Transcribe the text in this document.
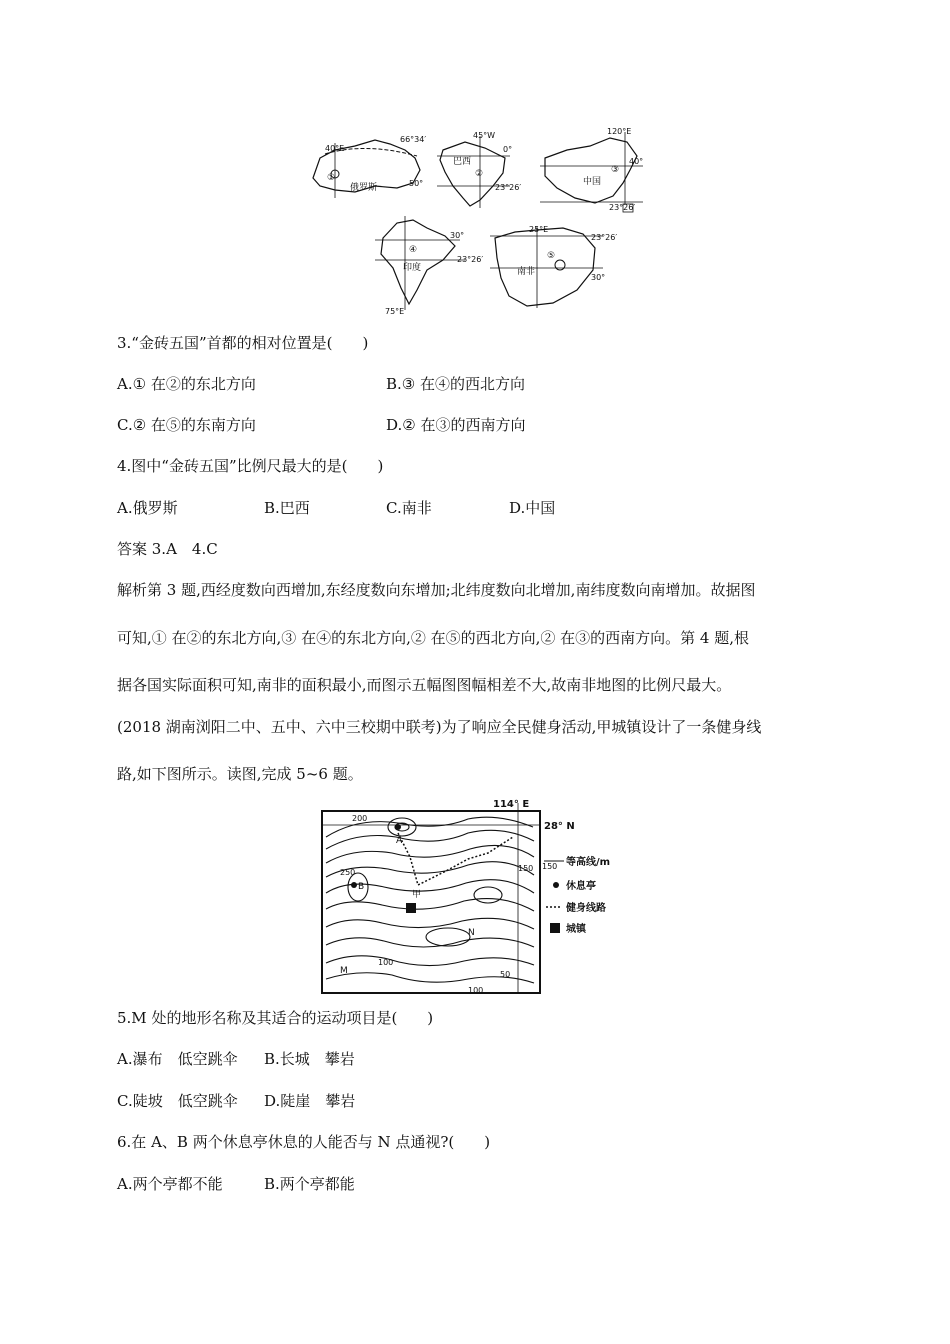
40°E
66°34′
50°
①
俄罗斯
45°W
0°
23°26′
巴西
②
120°E
40°
23°26′
③
中国
30°
23°26′
75°E
④
印度
25°E
23°26′
30°
⑤
南非
3.“金砖五国”首都的相对位置是(　　)
A.① 在②的东北方向	B.③ 在④的西北方向
C.② 在⑤的东南方向	D.② 在③的西南方向
4.图中“金砖五国”比例尺最大的是(　　)
A.俄罗斯	B.巴西	C.南非	D.中国
答案 3.A　4.C
解析第 3 题,西经度数向西增加,东经度数向东增加;北纬度数向北增加,南纬度数向南增加。故据图
可知,① 在②的东北方向,③ 在④的东北方向,② 在⑤的西北方向,② 在③的西南方向。第 4 题,根
据各国实际面积可知,南非的面积最小,而图示五幅图图幅相差不大,故南非地图的比例尺最大。
(2018 湖南浏阳二中、五中、六中三校期中联考)为了响应全民健身活动,甲城镇设计了一条健身线
路,如下图所示。读图,完成 5~6 题。
A
B
M
N
甲
200
250	150
100
100
50
114° E
28° N
150 等高线/m
休息亭
健身线路
城镇
5.M 处的地形名称及其适合的运动项目是(　　)
A.瀑布　低空跳伞 B.长城　攀岩
C.陡坡　低空跳伞 D.陡崖　攀岩
6.在 A、B 两个休息亭休息的人能否与 N 点通视?(　　)
A.两个亭都不能	B.两个亭都能
